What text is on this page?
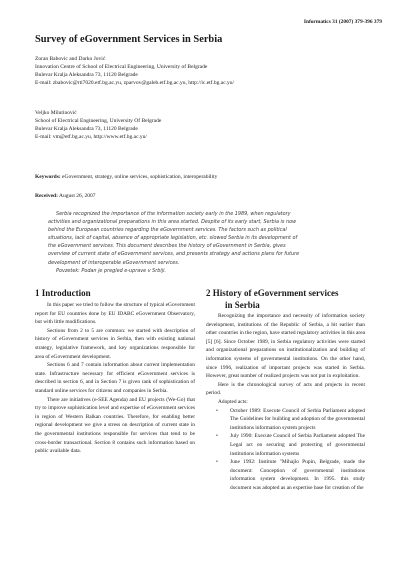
Informatics 31 (2007) 379-396 379
Survey of eGovernment Services in Serbia
Zoran Babovic and Darko Jović
Innovation Centre of School of Electrical Engineering, University of Belgrade
Bulevar Kralja Aleksandra 73, 11120 Belgrade
E-mail: zbabovic@rti7020.etf.bg.ac.yu, zparvov@galeb.etf.bg.ac.yu, http://ic.etf.bg.ac.yu/
Veljko Milutinović
School of Electrical Engineering, University Of Belgrade
Bulevar Kralja Aleksandra 73, 11120 Belgrade
E-mail: vm@etf.bg.ac.yu, http://www.etf.bg.ac.yu/
Keywords: eGovernment, strategy, online services, sophistication, interoperability
Received: August 26, 2007
Serbia recognized the importance of the information society early in the 1989, when regulatory
activities and organizational preparations in this area started. Despite of its early start, Serbia is now
behind the European countries regarding the eGovernment services. The factors such as political
situations, lack of capital, absence of appropriate legislation, etc. slowed Serbia in its development of
the eGovernment services. This document describes the history of eGovernment in Serbia, gives
overview of current state of eGovernment services, and presents strategy and actions plans for future
development of interoperable eGovernment services.
Povzetek: Podan je pregled e-uprave v Srbiji.
1 Introduction

In this paper we tried to follow the structure of typical eGovernment report for EU countries done by EU IDABC eGovernment Observatory, but with little modifications.

Sections from 2 to 5 are common: we started with description of history of eGovernment services in Serbia, then with existing national strategy, legislative framework, and key organizations responsible for area of eGovernment development.

Sections 6 and 7 contain information about current implementation state. Infrastructure necessary for efficient eGovernment services is described in section 6, and in Section 7 is given rank of sophistication of standard online services for citizens and companies in Serbia.

There are initiatives (e-SEE Agenda) and EU projects (We-Go) that try to improve sophistication level and expertise of eGovernment services in region of Western Balkan countries. Therefore, for enabling better regional development we give a stress on description of current state in the governmental institutions responsible for services that tend to be cross-border transactional. Section 8 contains such information based on public available data.

2 History of eGovernment services
in Serbia

Recognizing the importance and necessity of information society development, institutions of the Republic of Serbia, a bit earlier than other countries in the region, have started regulatory activities in this area [5] [6]. Since October 1989, in Serbia regulatory activities were started and organizational preparations on institutionalization and building of information systems of governmental institutions. On the other hand, since 1996, realization of important projects was started in Serbia. However, great number of realized projects was not put in exploitation.

Here is the chronological survey of acts and projects in recent period.

Adopted acts:

• October 1989: Execute Council of Serbia Parliament adopted The Guidelines for building and adoption of the governmental institutions information system projects
• July 1990: Execute Council of Serbia Parliament adopted The Legal act on securing and protecting of governmental institutions information systems
• June 1992: Institute "Mihajlo Pupin, Belgrade, made the document: Conception of governmental institutions information system development. In 1995. this study document was adopted as an expertise base for creation of the
